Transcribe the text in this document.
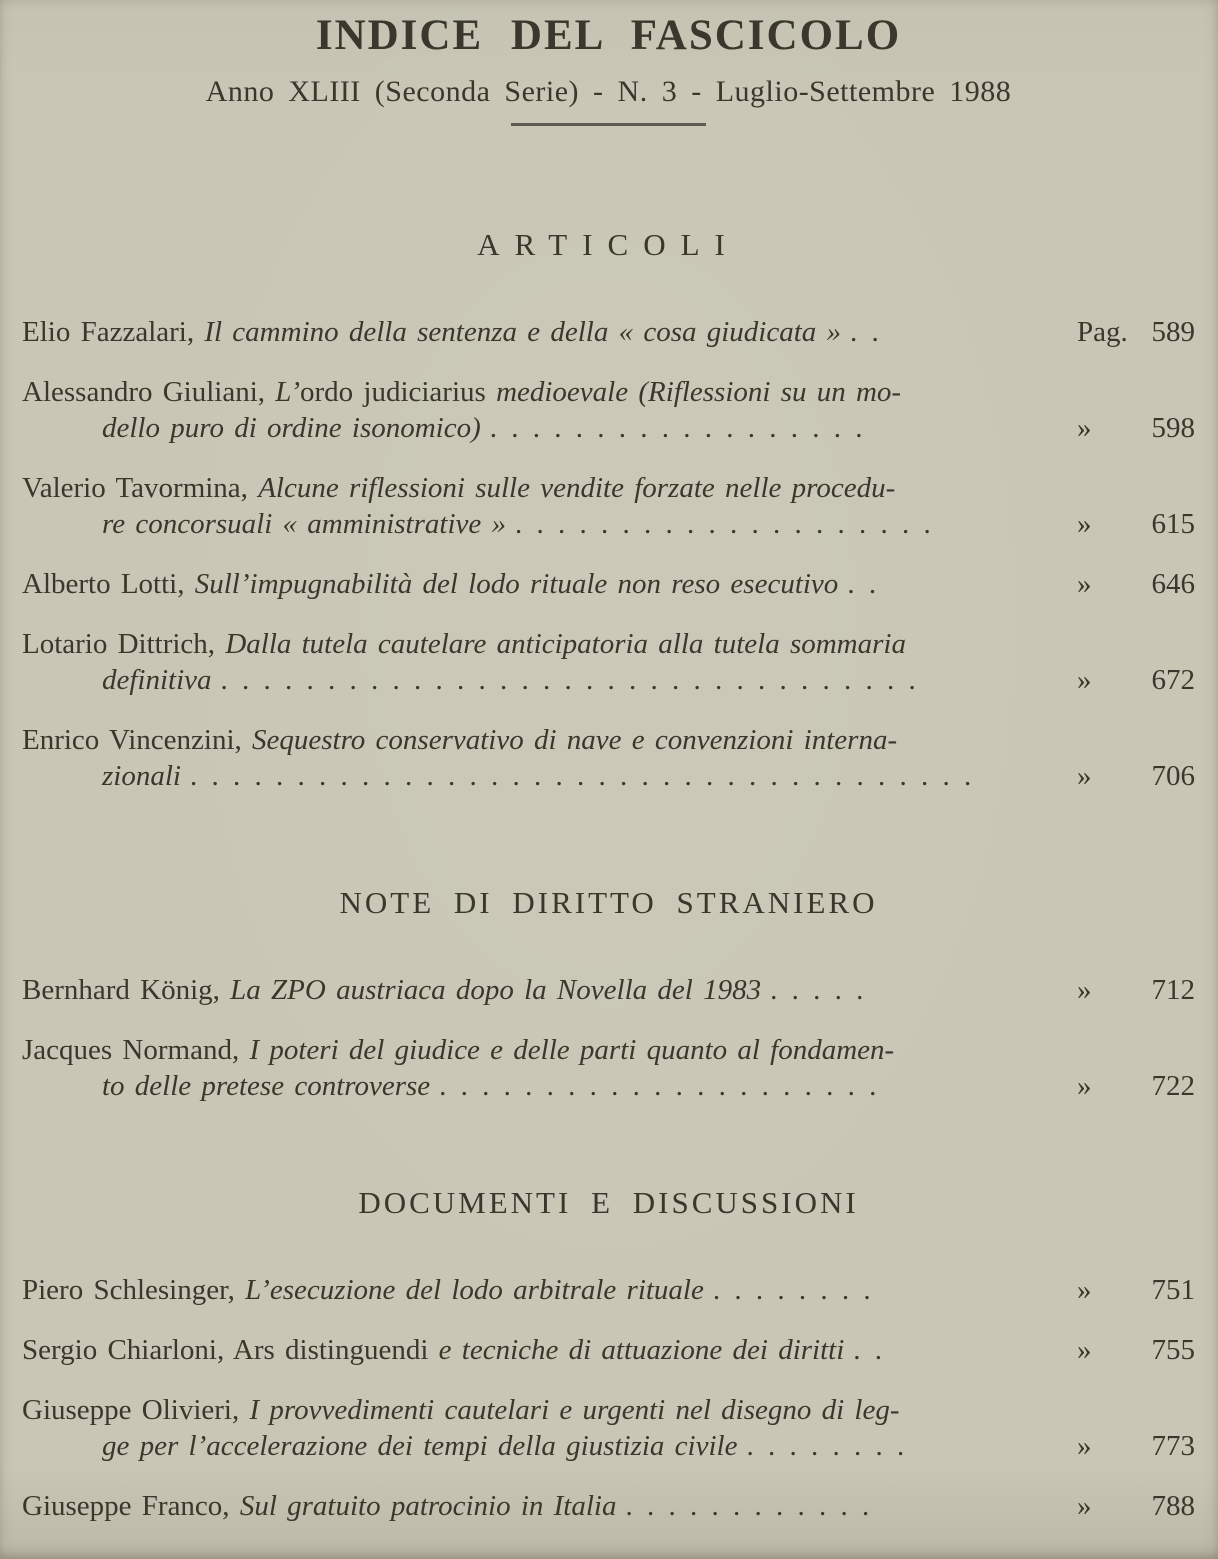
INDICE DEL FASCICOLO
Anno XLIII (Seconda Serie) - N. 3 - Luglio-Settembre 1988
ARTICOLI
Elio Fazzalari, Il cammino della sentenza e della « cosa giudicata » . .	Pag. 589
Alessandro Giuliani, L’ordo judiciarius medioevale (Riflessioni su un mo-
dello puro di ordine isonomico) . . . . . . . . . . . . . . . . . .	» 598
Valerio Tavormina, Alcune riflessioni sulle vendite forzate nelle procedu-
re concorsuali « amministrative » . . . . . . . . . . . . . . . . . . . .	» 615
Alberto Lotti, Sull’impugnabilità del lodo rituale non reso esecutivo . .	» 646
Lotario Dittrich, Dalla tutela cautelare anticipatoria alla tutela sommaria
definitiva . . . . . . . . . . . . . . . . . . . . . . . . . . . . . . . . .	» 672
Enrico Vincenzini, Sequestro conservativo di nave e convenzioni interna-
zionali . . . . . . . . . . . . . . . . . . . . . . . . . . . . . . . . . . . . .	» 706
NOTE DI DIRITTO STRANIERO
Bernhard König, La ZPO austriaca dopo la Novella del 1983 . . . . .	» 712
Jacques Normand, I poteri del giudice e delle parti quanto al fondamen-
to delle pretese controverse . . . . . . . . . . . . . . . . . . . . .	» 722
DOCUMENTI E DISCUSSIONI
Piero Schlesinger, L’esecuzione del lodo arbitrale rituale . . . . . . . .	» 751
Sergio Chiarloni, Ars distinguendi e tecniche di attuazione dei diritti . .	» 755
Giuseppe Olivieri, I provvedimenti cautelari e urgenti nel disegno di leg-
ge per l’accelerazione dei tempi della giustizia civile . . . . . . . .	» 773
Giuseppe Franco, Sul gratuito patrocinio in Italia . . . . . . . . . . . .	» 788
